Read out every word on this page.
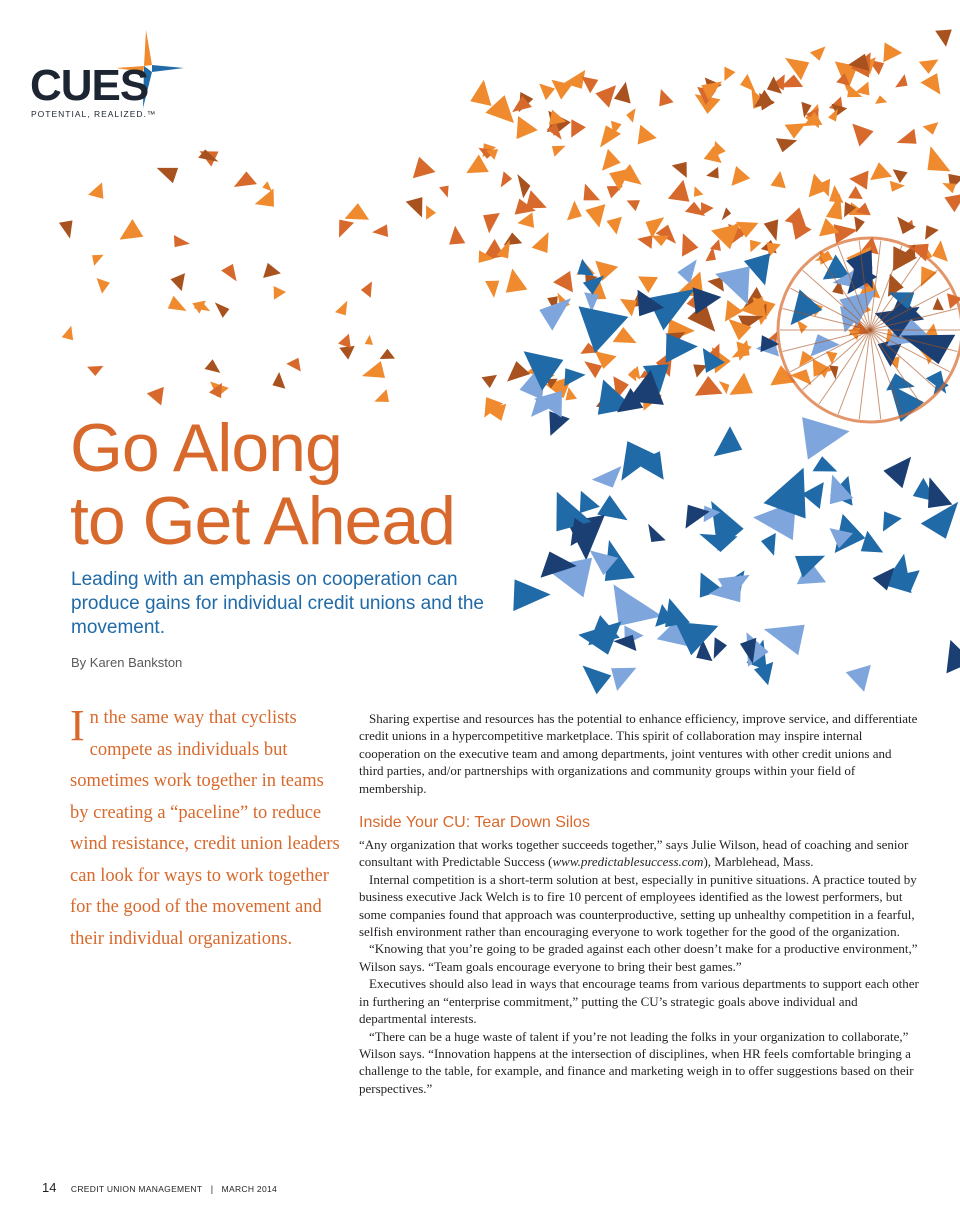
CUES
POTENTIAL, REALIZED.™
Go Along
to Get Ahead

Leading with an emphasis on cooperation can produce gains for individual credit unions and the movement.

By Karen Bankston

In the same way that cyclists compete as individuals but sometimes work together in teams by creating a “paceline” to reduce wind resistance, credit union leaders can look for ways to work together for the good of the movement and their individual organizations.

Sharing expertise and resources has the potential to enhance efficiency, improve service, and differentiate credit unions in a hypercompetitive marketplace. This spirit of collaboration may inspire internal cooperation on the executive team and among departments, joint ventures with other credit unions and third parties, and/or partnerships with organizations and community groups within your field of membership.

Inside Your CU: Tear Down Silos

“Any organization that works together succeeds together,” says Julie Wilson, head of coaching and senior consultant with Predictable Success (www.predictablesuccess.com), Marblehead, Mass.

Internal competition is a short-term solution at best, especially in punitive situations. A practice touted by business executive Jack Welch is to fire 10 percent of employees identified as the lowest performers, but some companies found that approach was counterproductive, setting up unhealthy competition in a fearful, selfish environment rather than encouraging everyone to work together for the good of the organization.

“Knowing that you’re going to be graded against each other doesn’t make for a productive environment,” Wilson says. “Team goals encourage everyone to bring their best games.”

Executives should also lead in ways that encourage teams from various departments to support each other in furthering an “enterprise commitment,” putting the CU’s strategic goals above individual and departmental interests.

“There can be a huge waste of talent if you’re not leading the folks in your organization to collaborate,” Wilson says. “Innovation happens at the intersection of disciplines, when HR feels comfortable bringing a challenge to the table, for example, and finance and marketing weigh in to offer suggestions based on their perspectives.”

14 CREDIT UNION MANAGEMENT | MARCH 2014
